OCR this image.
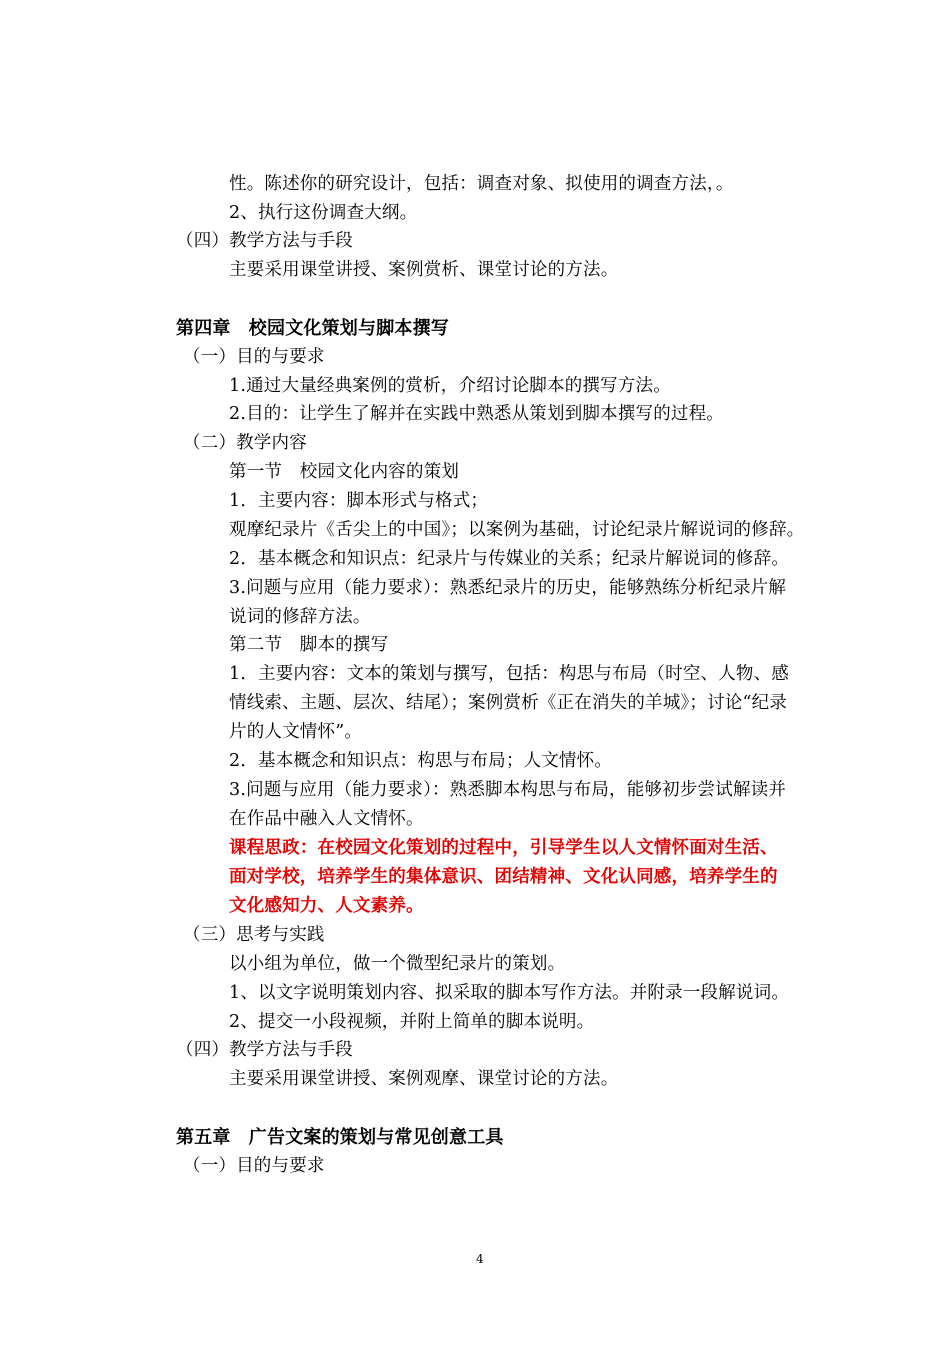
性。陈述你的研究设计，包括：调查对象、拟使用的调查方法，。
2、执行这份调查大纲。
（四）教学方法与手段
主要采用课堂讲授、案例赏析、课堂讨论的方法。
第四章　校园文化策划与脚本撰写
（一）目的与要求
1.通过大量经典案例的赏析，介绍讨论脚本的撰写方法。
2.目的：让学生了解并在实践中熟悉从策划到脚本撰写的过程。
（二）教学内容
第一节　校园文化内容的策划
1．主要内容：脚本形式与格式；
观摩纪录片《舌尖上的中国》；以案例为基础，讨论纪录片解说词的修辞。
2．基本概念和知识点：纪录片与传媒业的关系；纪录片解说词的修辞。
3.问题与应用（能力要求）：熟悉纪录片的历史，能够熟练分析纪录片解
说词的修辞方法。
第二节　脚本的撰写
1．主要内容：文本的策划与撰写，包括：构思与布局（时空、人物、感
情线索、主题、层次、结尾）；案例赏析《正在消失的羊城》；讨论“纪录
片的人文情怀”。
2．基本概念和知识点：构思与布局；人文情怀。
3.问题与应用（能力要求）：熟悉脚本构思与布局，能够初步尝试解读并
在作品中融入人文情怀。
课程思政：在校园文化策划的过程中，引导学生以人文情怀面对生活、
面对学校，培养学生的集体意识、团结精神、文化认同感，培养学生的
文化感知力、人文素养。
（三）思考与实践
以小组为单位，做一个微型纪录片的策划。
1、以文字说明策划内容、拟采取的脚本写作方法。并附录一段解说词。
2、提交一小段视频，并附上简单的脚本说明。
（四）教学方法与手段
主要采用课堂讲授、案例观摩、课堂讨论的方法。
第五章　广告文案的策划与常见创意工具
（一）目的与要求
4
